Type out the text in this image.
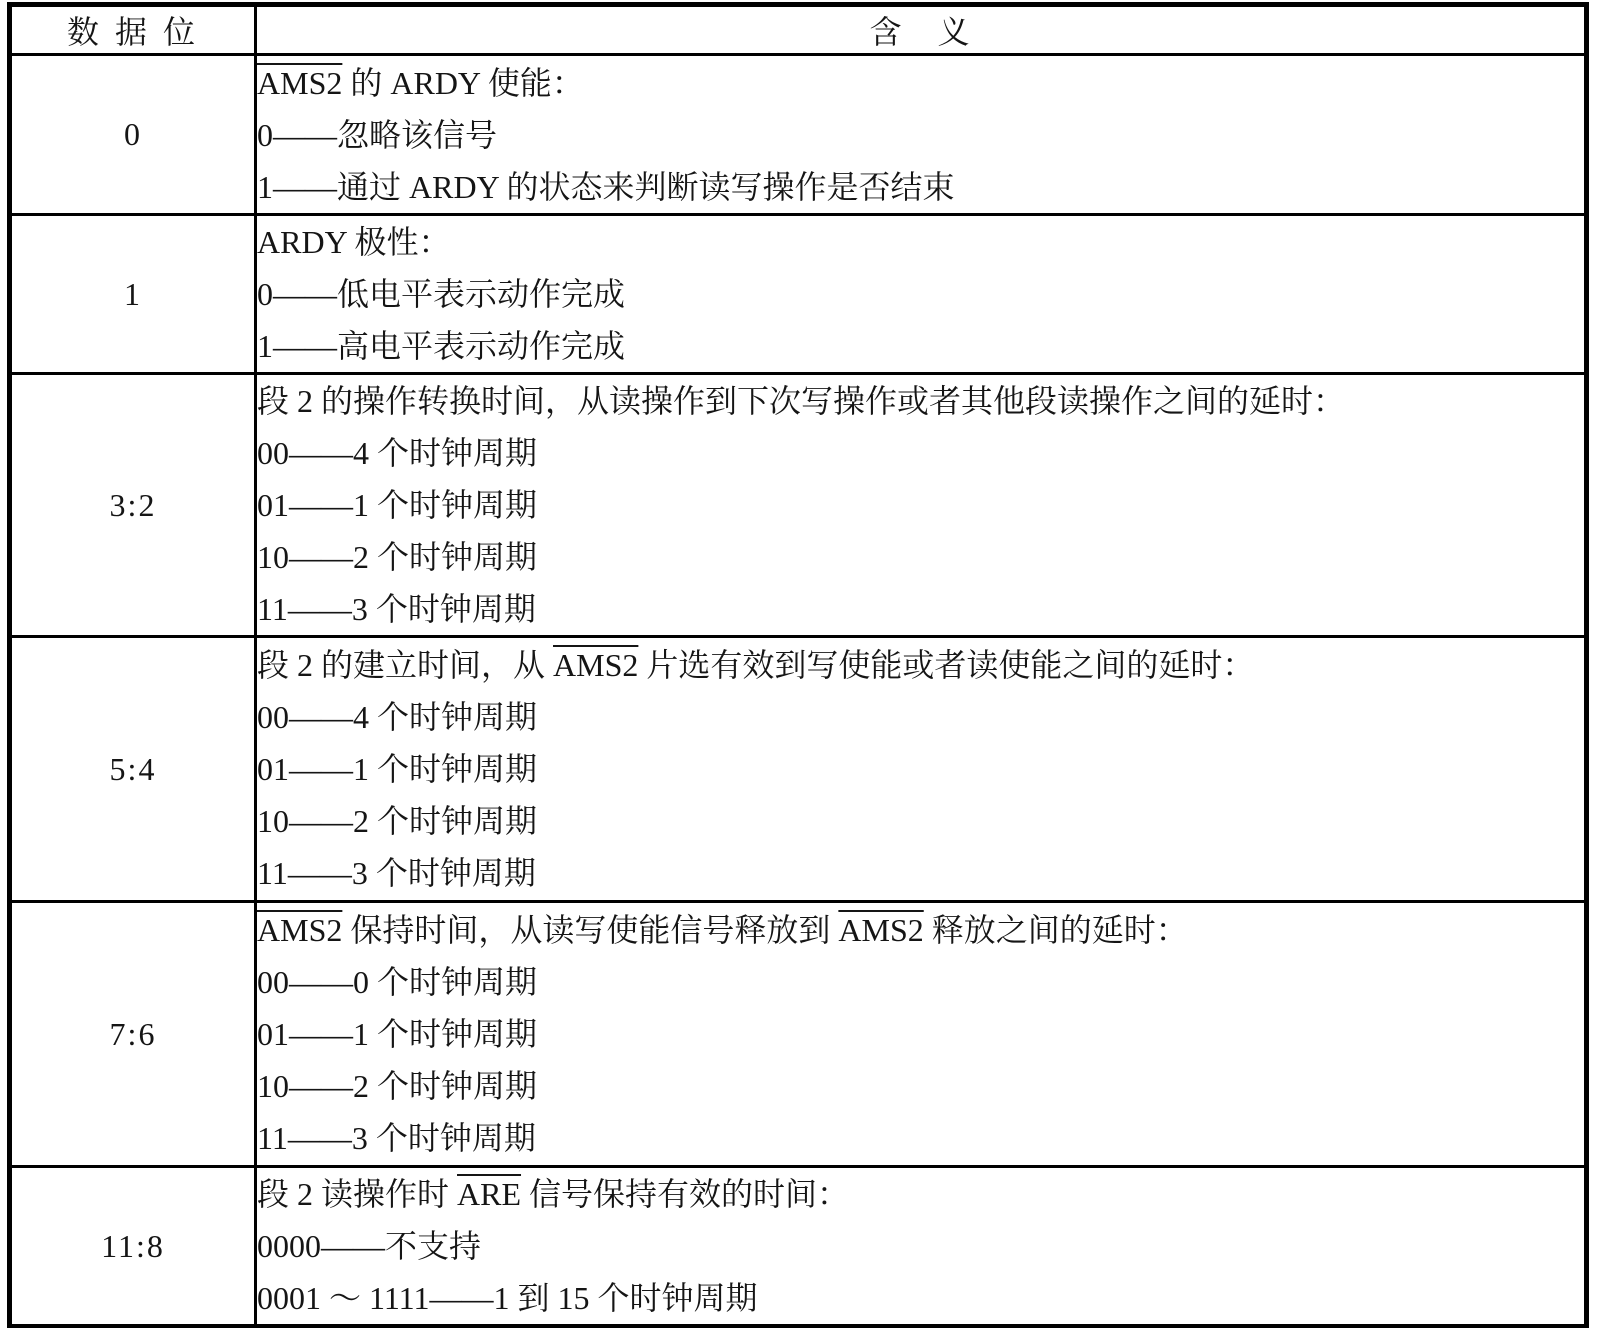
数 据 位	含　义
0	AMS2 的 ARDY 使能：
0——忽略该信号
1——通过 ARDY 的状态来判断读写操作是否结束

1	ARDY 极性：
0——低电平表示动作完成
1——高电平表示动作完成

3:2	段 2 的操作转换时间，从读操作到下次写操作或者其他段读操作之间的延时：
00——4 个时钟周期
01——1 个时钟周期
10——2 个时钟周期
11——3 个时钟周期

5:4	段 2 的建立时间，从 AMS2 片选有效到写使能或者读使能之间的延时：
00——4 个时钟周期
01——1 个时钟周期
10——2 个时钟周期
11——3 个时钟周期

7:6	AMS2 保持时间，从读写使能信号释放到 AMS2 释放之间的延时：
00——0 个时钟周期
01——1 个时钟周期
10——2 个时钟周期
11——3 个时钟周期

11:8	段 2 读操作时 $\overline{ARE}$ 信号保持有效的时间：
0000——不支持
0001 ～ 1111——1 到 15 个时钟周期
